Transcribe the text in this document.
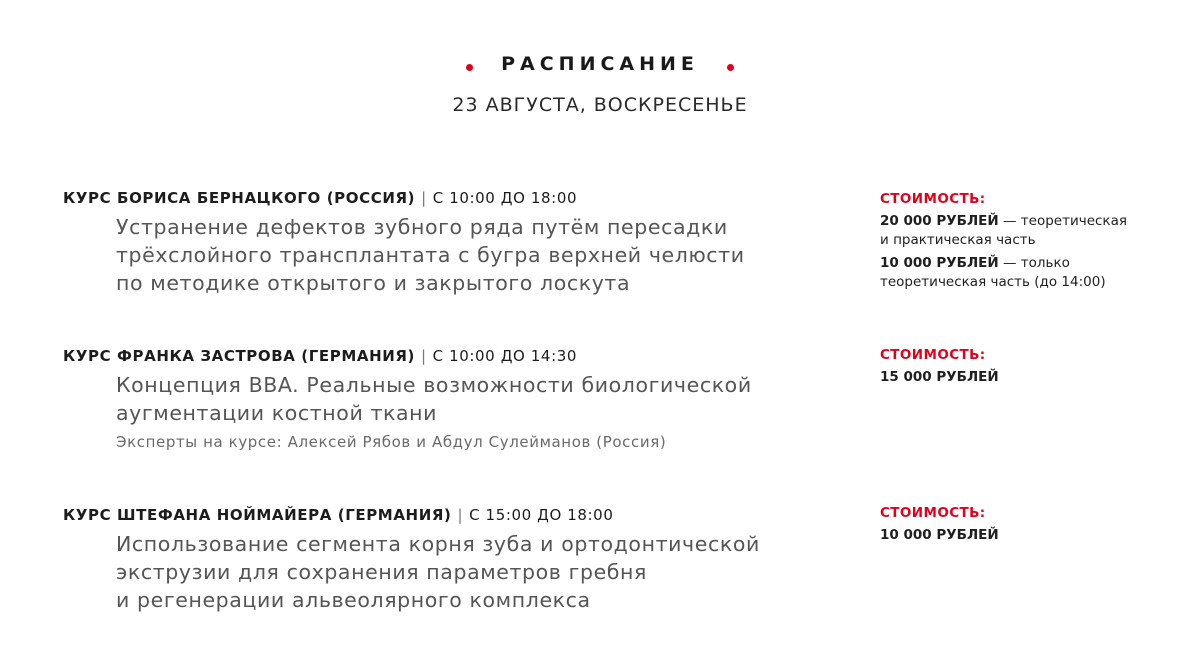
РАСПИСАНИЕ
23 АВГУСТА, ВОСКРЕСЕНЬЕ
КУРС БОРИСА БЕРНАЦКОГО (РОССИЯ) | С 10:00 ДО 18:00
Устранение дефектов зубного ряда путём пересадки
трёхслойного трансплантата с бугра верхней челюсти
по методике открытого и закрытого лоскута
СТОИМОСТЬ:
20 000 РУБЛЕЙ — теоретическая
и практическая часть
10 000 РУБЛЕЙ — только
теоретическая часть (до 14:00)
КУРС ФРАНКА ЗАСТРОВА (ГЕРМАНИЯ) | С 10:00 ДО 14:30
Концепция BBA. Реальные возможности биологической
аугментации костной ткани
Эксперты на курсе: Алексей Рябов и Абдул Сулейманов (Россия)
СТОИМОСТЬ:
15 000 РУБЛЕЙ
КУРС ШТЕФАНА НОЙМАЙЕРА (ГЕРМАНИЯ) | С 15:00 ДО 18:00
Использование сегмента корня зуба и ортодонтической
экструзии для сохранения параметров гребня
и регенерации альвеолярного комплекса
СТОИМОСТЬ:
10 000 РУБЛЕЙ
